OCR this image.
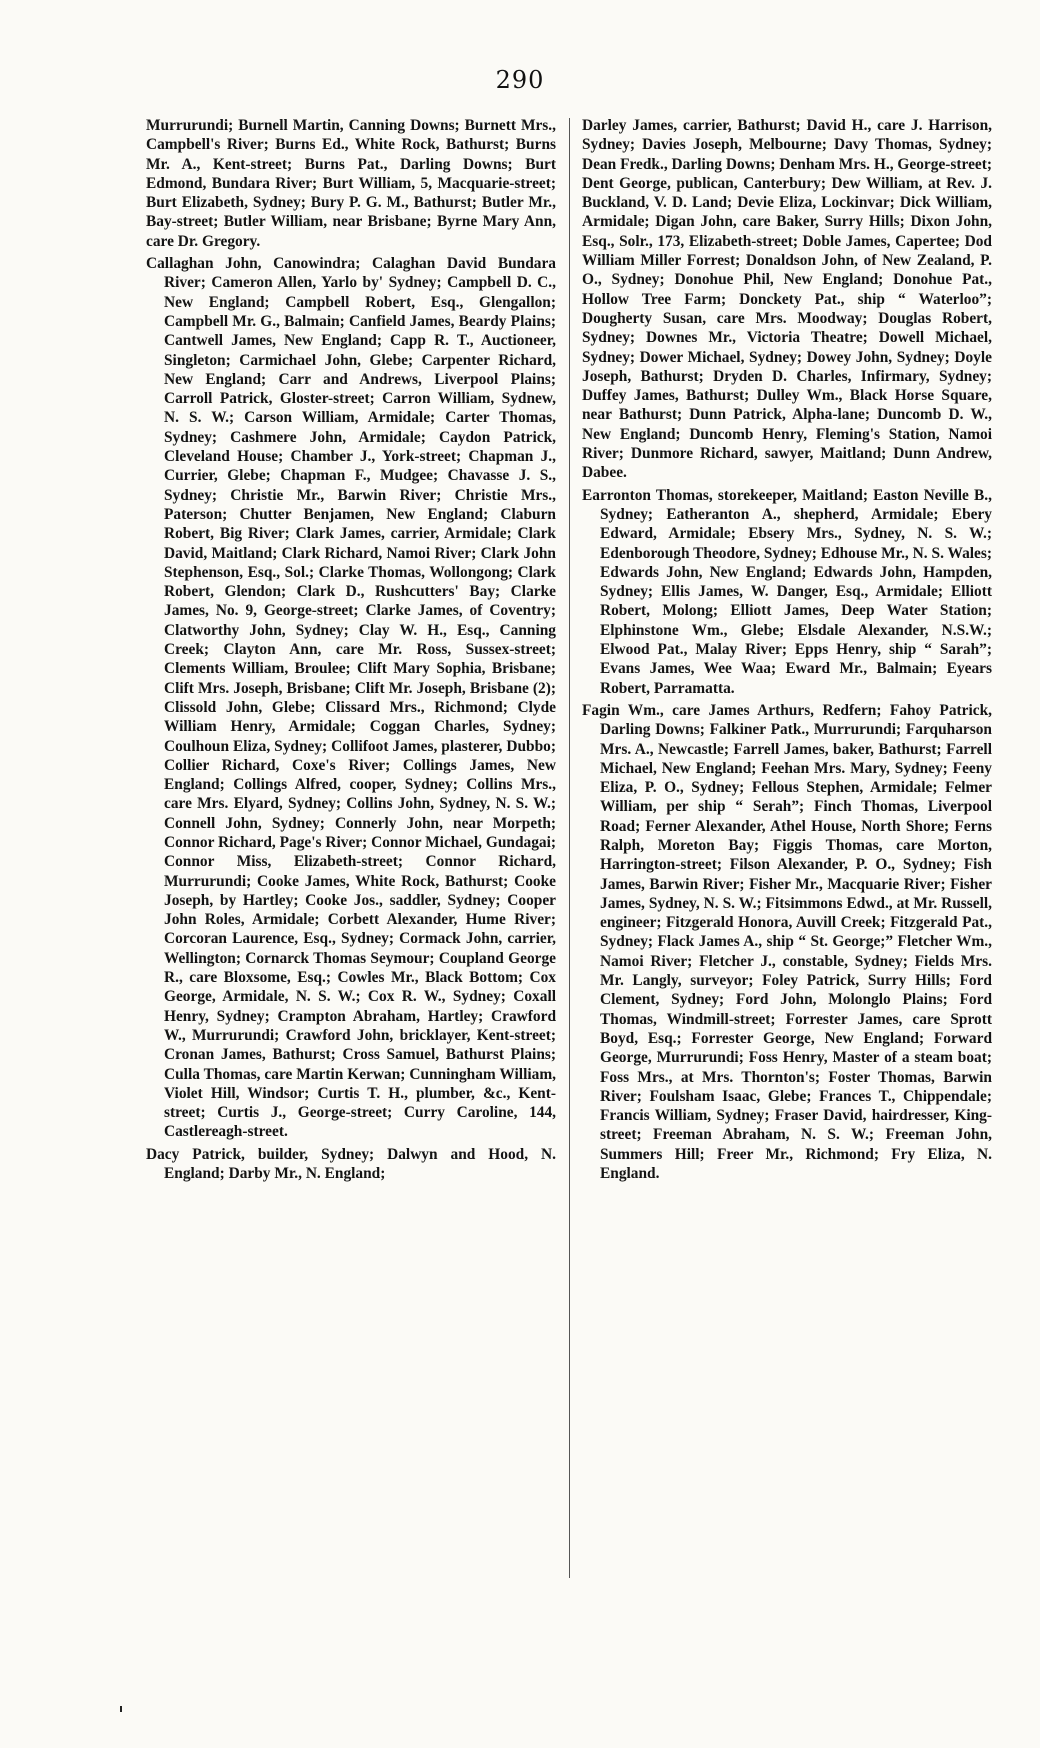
290

Murrurundi; Burnell Martin, Canning Downs; Burnett Mrs., Campbell's River; Burns Ed., White Rock, Bathurst; Burns Mr. A., Kent-street; Burns Pat., Darling Downs; Burt Edmond, Bundara River; Burt William, 5, Macquarie-street; Burt Elizabeth, Sydney; Bury P. G. M., Bathurst; Butler Mr., Bay-street; Butler William, near Brisbane; Byrne Mary Ann, care Dr. Gregory.

Callaghan John, Canowindra; Calaghan David Bundara River; Cameron Allen, Yarlo by' Sydney; Campbell D. C., New England; Campbell Robert, Esq., Glengallon; Campbell Mr. G., Balmain; Canfield James, Beardy Plains; Cantwell James, New England; Capp R. T., Auctioneer, Singleton; Carmichael John, Glebe; Carpenter Richard, New England; Carr and Andrews, Liverpool Plains; Carroll Patrick, Gloster-street; Carron William, Sydnew, N. S. W.; Carson William, Armidale; Carter Thomas, Sydney; Cashmere John, Armidale; Caydon Patrick, Cleveland House; Chamber J., York-street; Chapman J., Currier, Glebe; Chapman F., Mudgee; Chavasse J. S., Sydney; Christie Mr., Barwin River; Christie Mrs., Paterson; Chutter Benjamen, New England; Claburn Robert, Big River; Clark James, carrier, Armidale; Clark David, Maitland; Clark Richard, Namoi River; Clark John Stephenson, Esq., Sol.; Clarke Thomas, Wollongong; Clark Robert, Glendon; Clark D., Rushcutters' Bay; Clarke James, No. 9, George-street; Clarke James, of Coventry; Clatworthy John, Sydney; Clay W. H., Esq., Canning Creek; Clayton Ann, care Mr. Ross, Sussex-street; Clements William, Broulee; Clift Mary Sophia, Brisbane; Clift Mrs. Joseph, Brisbane; Clift Mr. Joseph, Brisbane (2); Clissold John, Glebe; Clissard Mrs., Richmond; Clyde William Henry, Armidale; Coggan Charles, Sydney; Coulhoun Eliza, Sydney; Collifoot James, plasterer, Dubbo; Collier Richard, Coxe's River; Collings James, New England; Collings Alfred, cooper, Sydney; Collins Mrs., care Mrs. Elyard, Sydney; Collins John, Sydney, N. S. W.; Connell John, Sydney; Connerly John, near Morpeth; Connor Richard, Page's River; Connor Michael, Gundagai; Connor Miss, Elizabeth-street; Connor Richard, Murrurundi; Cooke James, White Rock, Bathurst; Cooke Joseph, by Hartley; Cooke Jos., saddler, Sydney; Cooper John Roles, Armidale; Corbett Alexander, Hume River; Corcoran Laurence, Esq., Sydney; Cormack John, carrier, Wellington; Cornarck Thomas Seymour; Coupland George R., care Bloxsome, Esq.; Cowles Mr., Black Bottom; Cox George, Armidale, N. S. W.; Cox R. W., Sydney; Coxall Henry, Sydney; Crampton Abraham, Hartley; Crawford W., Murrurundi; Crawford John, bricklayer, Kent-street; Cronan James, Bathurst; Cross Samuel, Bathurst Plains; Culla Thomas, care Martin Kerwan; Cunningham William, Violet Hill, Windsor; Curtis T. H., plumber, &c., Kent-street; Curtis J., George-street; Curry Caroline, 144, Castlereagh-street.

Dacy Patrick, builder, Sydney; Dalwyn and Hood, N. England; Darby Mr., N. England;

Darley James, carrier, Bathurst; David H., care J. Harrison, Sydney; Davies Joseph, Melbourne; Davy Thomas, Sydney; Dean Fredk., Darling Downs; Denham Mrs. H., George-street; Dent George, publican, Canterbury; Dew William, at Rev. J. Buckland, V. D. Land; Devie Eliza, Lockinvar; Dick William, Armidale; Digan John, care Baker, Surry Hills; Dixon John, Esq., Solr., 173, Elizabeth-street; Doble James, Capertee; Dod William Miller Forrest; Donaldson John, of New Zealand, P. O., Sydney; Donohue Phil, New England; Donohue Pat., Hollow Tree Farm; Donckety Pat., ship “ Waterloo”; Dougherty Susan, care Mrs. Moodway; Douglas Robert, Sydney; Downes Mr., Victoria Theatre; Dowell Michael, Sydney; Dower Michael, Sydney; Dowey John, Sydney; Doyle Joseph, Bathurst; Dryden D. Charles, Infirmary, Sydney; Duffey James, Bathurst; Dulley Wm., Black Horse Square, near Bathurst; Dunn Patrick, Alpha-lane; Duncomb D. W., New England; Duncomb Henry, Fleming's Station, Namoi River; Dunmore Richard, sawyer, Maitland; Dunn Andrew, Dabee.

Earronton Thomas, storekeeper, Maitland; Easton Neville B., Sydney; Eatheranton A., shepherd, Armidale; Ebery Edward, Armidale; Ebsery Mrs., Sydney, N. S. W.; Edenborough Theodore, Sydney; Edhouse Mr., N. S. Wales; Edwards John, New England; Edwards John, Hampden, Sydney; Ellis James, W. Danger, Esq., Armidale; Elliott Robert, Molong; Elliott James, Deep Water Station; Elphinstone Wm., Glebe; Elsdale Alexander, N.S.W.; Elwood Pat., Malay River; Epps Henry, ship “ Sarah”; Evans James, Wee Waa; Eward Mr., Balmain; Eyears Robert, Parramatta.

Fagin Wm., care James Arthurs, Redfern; Fahoy Patrick, Darling Downs; Falkiner Patk., Murrurundi; Farquharson Mrs. A., Newcastle; Farrell James, baker, Bathurst; Farrell Michael, New England; Feehan Mrs. Mary, Sydney; Feeny Eliza, P. O., Sydney; Fellous Stephen, Armidale; Felmer William, per ship “ Serah”; Finch Thomas, Liverpool Road; Ferner Alexander, Athel House, North Shore; Ferns Ralph, Moreton Bay; Figgis Thomas, care Morton, Harrington-street; Filson Alexander, P. O., Sydney; Fish James, Barwin River; Fisher Mr., Macquarie River; Fisher James, Sydney, N. S. W.; Fitsimmons Edwd., at Mr. Russell, engineer; Fitzgerald Honora, Auvill Creek; Fitzgerald Pat., Sydney; Flack James A., ship “ St. George;” Fletcher Wm., Namoi River; Fletcher J., constable, Sydney; Fields Mrs. Mr. Langly, surveyor; Foley Patrick, Surry Hills; Ford Clement, Sydney; Ford John, Molonglo Plains; Ford Thomas, Windmill-street; Forrester James, care Sprott Boyd, Esq.; Forrester George, New England; Forward George, Murrurundi; Foss Henry, Master of a steam boat; Foss Mrs., at Mrs. Thornton's; Foster Thomas, Barwin River; Foulsham Isaac, Glebe; Frances T., Chippendale; Francis William, Sydney; Fraser David, hairdresser, King-street; Freeman Abraham, N. S. W.; Freeman John, Summers Hill; Freer Mr., Richmond; Fry Eliza, N. England.
